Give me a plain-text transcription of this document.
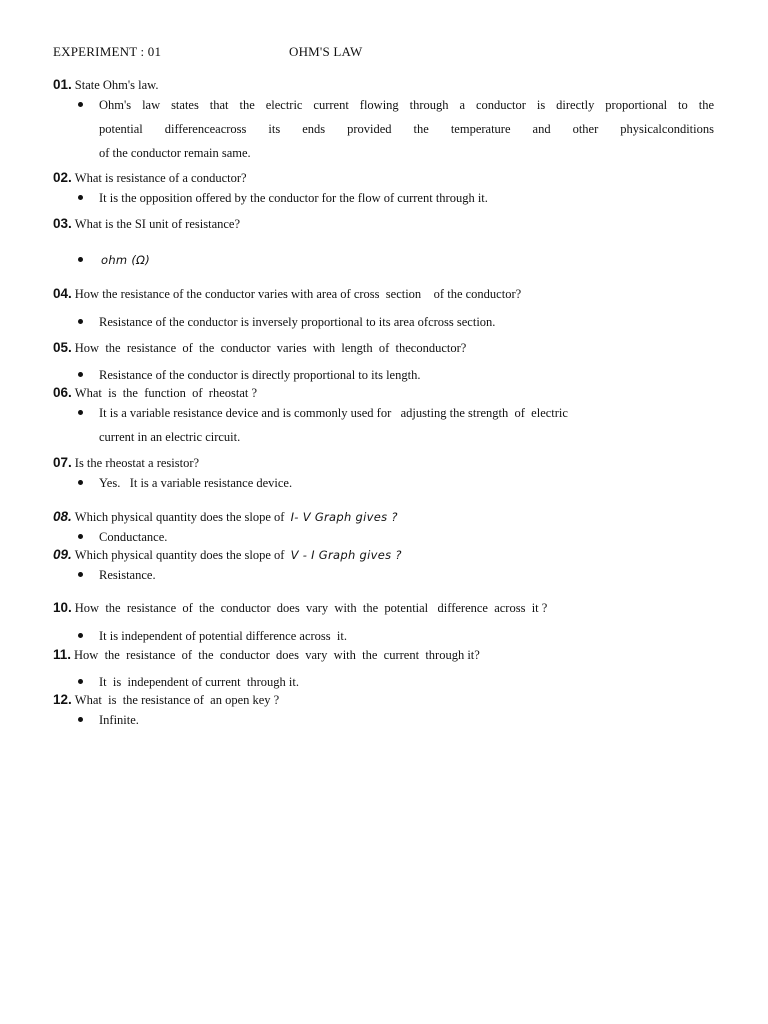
EXPERIMENT : 01	OHM'S LAW
01. State Ohm's law.
Ohm's law states that the electric current flowing through a conductor is directly proportional to the
potential differenceacross its ends provided the temperature and other physicalconditions
of the conductor remain same.
02. What is resistance of a conductor?
It is the opposition offered by the conductor for the flow of current through it.
03. What is the SI unit of resistance?
ohm (Ω)
04. How the resistance of the conductor varies with area of cross  section    of the conductor?
Resistance of the conductor is inversely proportional to its area ofcross section.
05. How  the  resistance  of  the  conductor  varies  with  length  of  theconductor?
Resistance of the conductor is directly proportional to its length.
06. What  is  the  function  of  rheostat ?
It is a variable resistance device and is commonly used for   adjusting the strength  of  electric
current in an electric circuit.
07. Is the rheostat a resistor?
Yes.   It is a variable resistance device.
08. Which physical quantity does the slope of I- V Graph gives ?
Conductance.
09. Which physical quantity does the slope of V - I Graph gives ?
Resistance.
10. How  the  resistance  of  the  conductor  does  vary  with  the  potential   difference  across  it ?
It is independent of potential difference across  it.
11. How  the  resistance  of  the  conductor  does  vary  with  the  current  through it?
It  is  independent of current  through it.
12. What  is  the resistance of  an open key ?
Infinite.
